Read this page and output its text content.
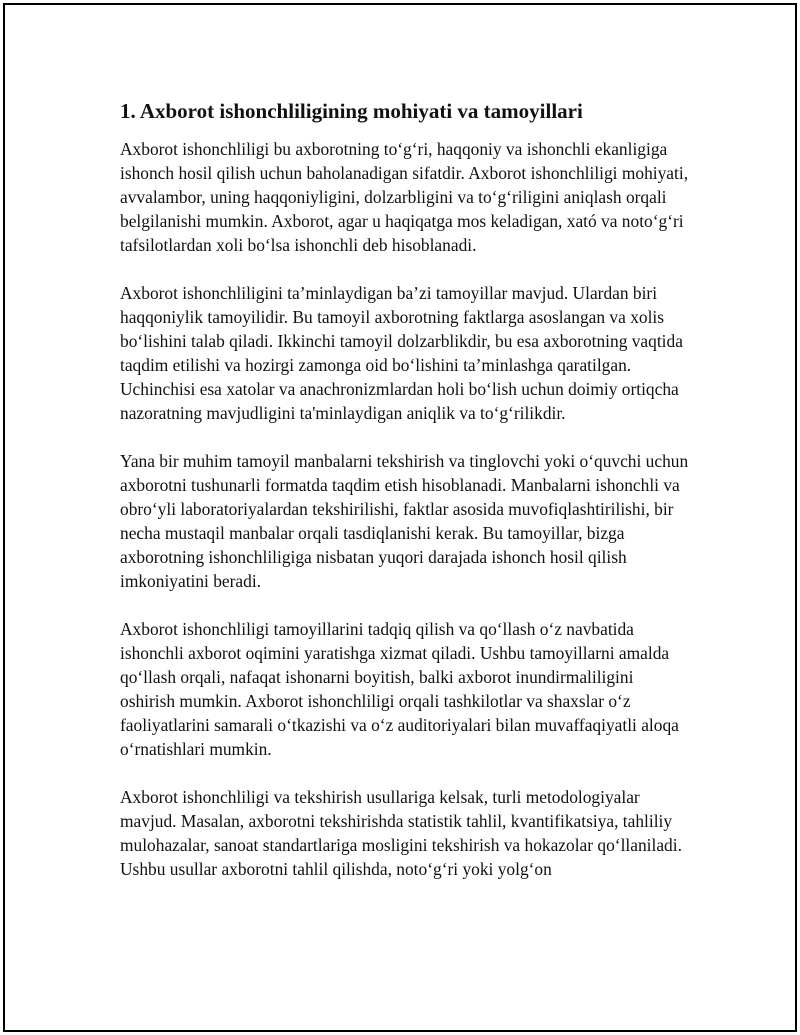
1. Axborot ishonchliligining mohiyati va tamoyillari

Axborot ishonchliligi bu axborotning to‘g‘ri, haqqoniy va ishonchli ekanligiga ishonch hosil qilish uchun baholanadigan sifatdir. Axborot ishonchliligi mohiyati, avvalambor, uning haqqoniyligini, dolzarbligini va to‘g‘riligini aniqlash orqali belgilanishi mumkin. Axborot, agar u haqiqatga mos keladigan, xató va noto‘g‘ri tafsilotlardan xoli bo‘lsa ishonchli deb hisoblanadi.

Axborot ishonchliligini ta’minlaydigan ba’zi tamoyillar mavjud. Ulardan biri haqqoniylik tamoyilidir. Bu tamoyil axborotning faktlarga asoslangan va xolis bo‘lishini talab qiladi. Ikkinchi tamoyil dolzarblikdir, bu esa axborotning vaqtida taqdim etilishi va hozirgi zamonga oid bo‘lishini ta’minlashga qaratilgan. Uchinchisi esa xatolar va anachronizmlardan holi bo‘lish uchun doimiy ortiqcha nazoratning mavjudligini ta'minlaydigan aniqlik va to‘g‘rilikdir.

Yana bir muhim tamoyil manbalarni tekshirish va tinglovchi yoki o‘quvchi uchun axborotni tushunarli formatda taqdim etish hisoblanadi. Manbalarni ishonchli va obro‘yli laboratoriyalardan tekshirilishi, faktlar asosida muvofiqlashtirilishi, bir necha mustaqil manbalar orqali tasdiqlanishi kerak. Bu tamoyillar, bizga axborotning ishonchliligiga nisbatan yuqori darajada ishonch hosil qilish imkoniyatini beradi.

Axborot ishonchliligi tamoyillarini tadqiq qilish va qo‘llash o‘z navbatida ishonchli axborot oqimini yaratishga xizmat qiladi. Ushbu tamoyillarni amalda qo‘llash orqali, nafaqat ishonarni boyitish, balki axborot inundirmaliligini oshirish mumkin. Axborot ishonchliligi orqali tashkilotlar va shaxslar o‘z faoliyatlarini samarali o‘tkazishi va o‘z auditoriyalari bilan muvaffaqiyatli aloqa o‘rnatishlari mumkin.

Axborot ishonchliligi va tekshirish usullariga kelsak, turli metodologiyalar mavjud. Masalan, axborotni tekshirishda statistik tahlil, kvantifikatsiya, tahliliy mulohazalar, sanoat standartlariga mosligini tekshirish va hokazolar qo‘llaniladi. Ushbu usullar axborotni tahlil qilishda, noto‘g‘ri yoki yolg‘on
